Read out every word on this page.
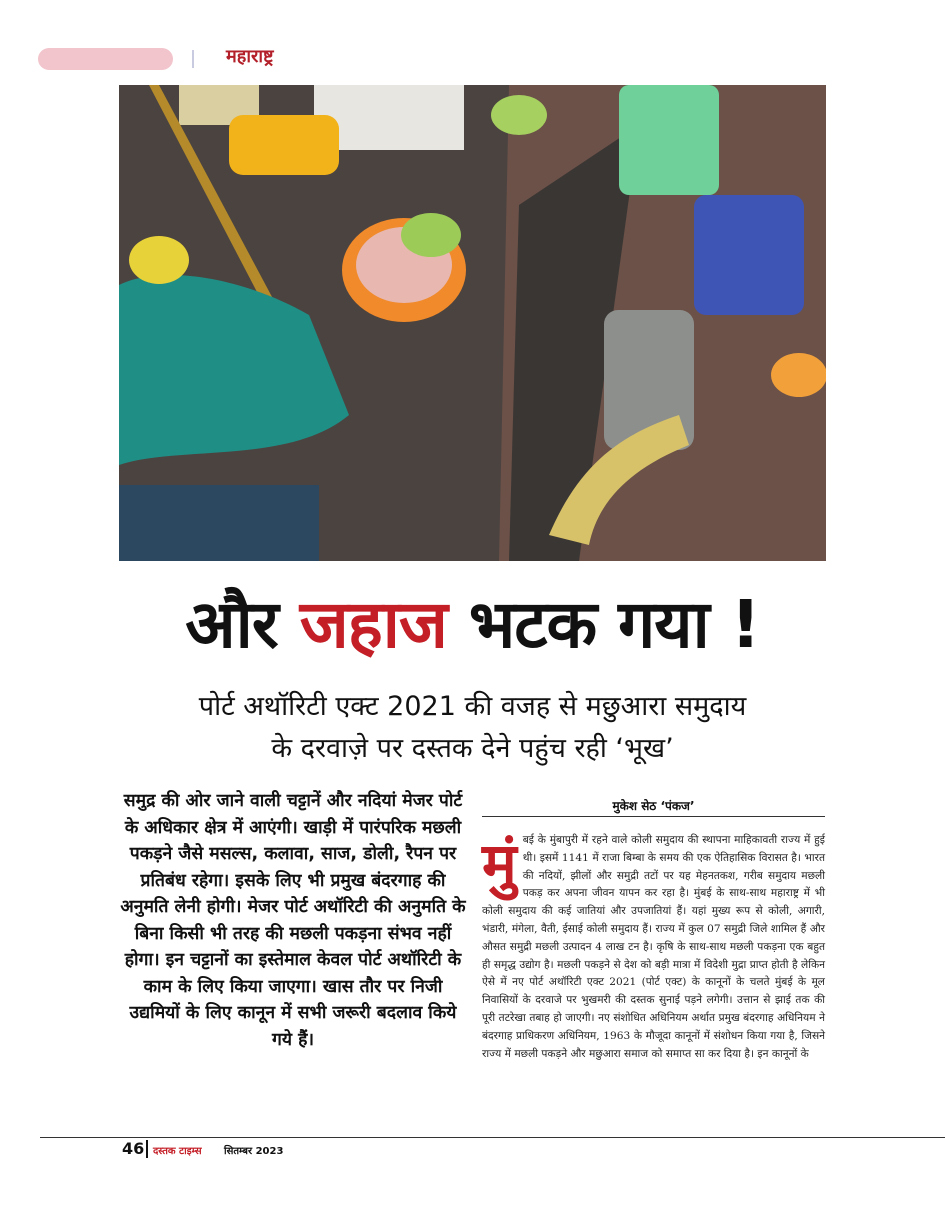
महाराष्ट्र
और जहाज भटक गया !
पोर्ट अथॉरिटी एक्ट 2021 की वजह से मछुआरा समुदाय
के दरवाज़े पर दस्तक देने पहुंच रही ‘भूख’
समुद्र की ओर जाने वाली चट्टानें और नदियां मेजर पोर्ट के अधिकार क्षेत्र में आएंगी। खाड़ी में पारंपरिक मछली पकड़ने जैसे मसल्स, कलावा, साज, डोली, रैपन पर प्रतिबंध रहेगा। इसके लिए भी प्रमुख बंदरगाह की अनुमति लेनी होगी। मेजर पोर्ट अथॉरिटी की अनुमति के बिना किसी भी तरह की मछली पकड़ना संभव नहीं होगा। इन चट्टानों का इस्तेमाल केवल पोर्ट अथॉरिटी के काम के लिए किया जाएगा। खास तौर पर निजी उद्यमियों के लिए कानून में सभी जरूरी बदलाव किये गये हैं।
मुकेश सेठ ‘पंकज’
मुं बई के मुंबापुरी में रहने वाले कोली समुदाय की स्थापना माहिकावती राज्य में हुई थी। इसमें 1141 में राजा बिम्बा के समय की एक ऐतिहासिक विरासत है। भारत की नदियों, झीलों और समुद्री तटों पर यह मेहनतकश, गरीब समुदाय मछली पकड़ कर अपना जीवन यापन कर रहा है। मुंबई के साथ-साथ महाराष्ट्र में भी कोली समुदाय की कई जातियां और उपजातियां हैं। यहां मुख्य रूप से कोली, अगारी, भंडारी, मंगेला, वैती, ईसाई कोली समुदाय हैं। राज्य में कुल 07 समुद्री जिले शामिल हैं और औसत समुद्री मछली उत्पादन 4 लाख टन है। कृषि के साथ-साथ मछली पकड़ना एक बहुत ही समृद्ध उद्योग है। मछली पकड़ने से देश को बड़ी मात्रा में विदेशी मुद्रा प्राप्त होती है लेकिन ऐसे में नए पोर्ट अथॉरिटी एक्ट 2021 (पोर्ट एक्ट) के कानूनों के चलते मुंबई के मूल निवासियों के दरवाजे पर भुखमरी की दस्तक सुनाई पड़ने लगेगी। उत्तान से झाई तक की पूरी तटरेखा तबाह हो जाएगी। नए संशोधित अधिनियम अर्थात प्रमुख बंदरगाह अधिनियम ने बंदरगाह प्राधिकरण अधिनियम, 1963 के मौजूदा कानूनों में संशोधन किया गया है, जिसने राज्य में मछली पकड़ने और मछुआरा समाज को समाप्त सा कर दिया है। इन कानूनों के
46 दस्तक टाइम्स सितम्बर 2023
